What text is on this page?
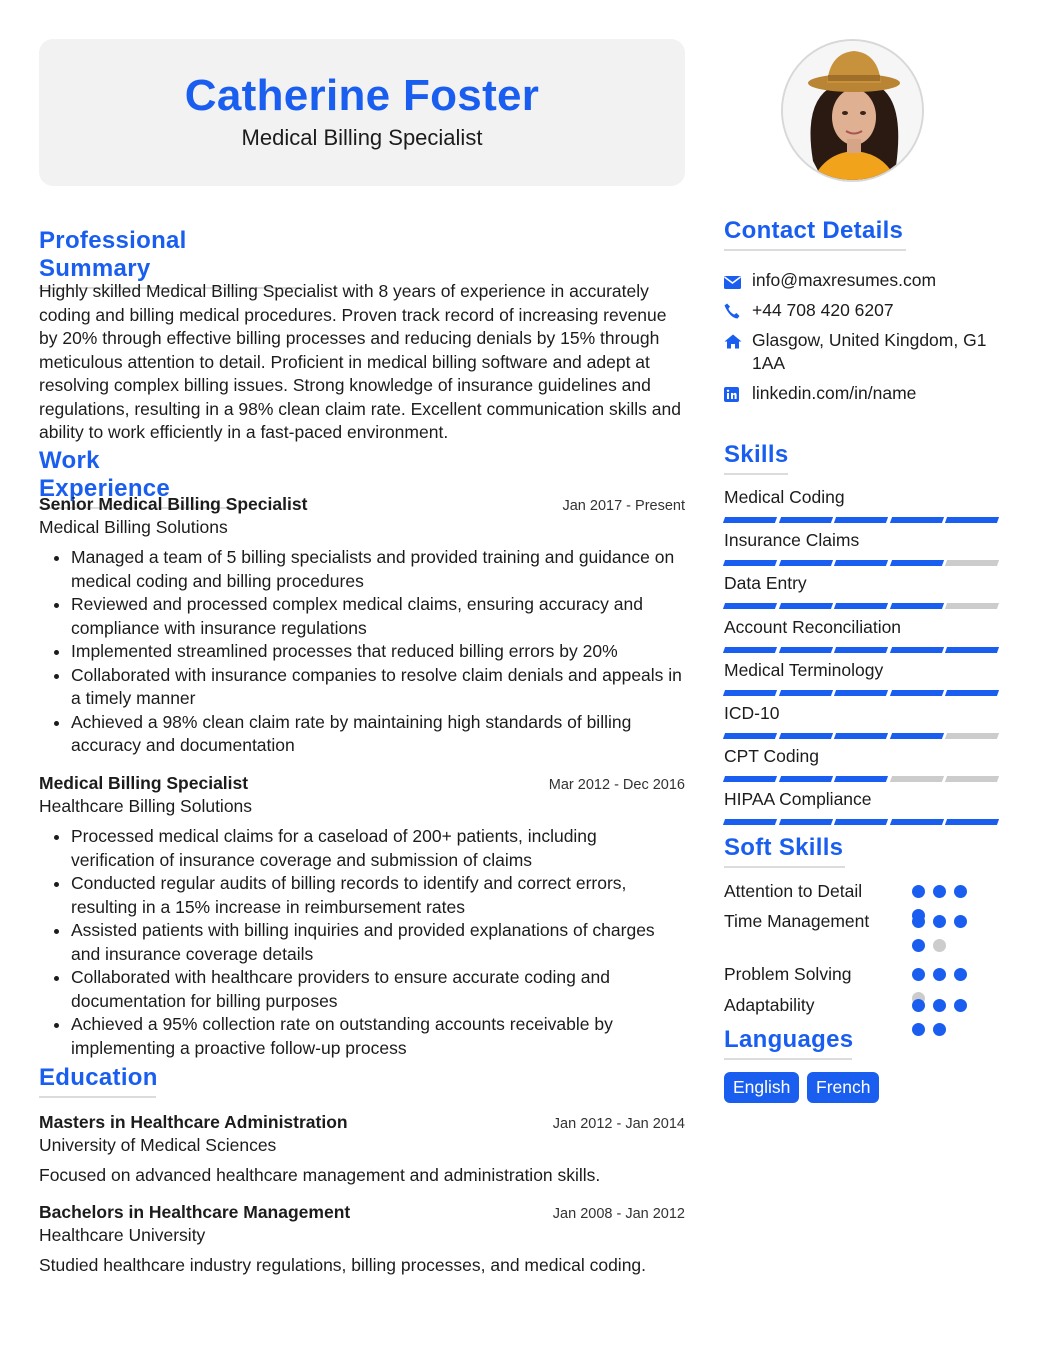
Catherine Foster
Medical Billing Specialist
Professional Summary
Highly skilled Medical Billing Specialist with 8 years of experience in accurately coding and billing medical procedures. Proven track record of increasing revenue by 20% through effective billing processes and reducing denials by 15% through meticulous attention to detail. Proficient in medical billing software and adept at resolving complex billing issues. Strong knowledge of insurance guidelines and regulations, resulting in a 98% clean claim rate. Excellent communication skills and ability to work efficiently in a fast-paced environment.
Work Experience
Senior Medical Billing Specialist	Jan 2017 - Present
Medical Billing Solutions
• Managed a team of 5 billing specialists and provided training and guidance on medical coding and billing procedures
• Reviewed and processed complex medical claims, ensuring accuracy and compliance with insurance regulations
• Implemented streamlined processes that reduced billing errors by 20%
• Collaborated with insurance companies to resolve claim denials and appeals in a timely manner
• Achieved a 98% clean claim rate by maintaining high standards of billing accuracy and documentation
Medical Billing Specialist	Mar 2012 - Dec 2016
Healthcare Billing Solutions
• Processed medical claims for a caseload of 200+ patients, including verification of insurance coverage and submission of claims
• Conducted regular audits of billing records to identify and correct errors, resulting in a 15% increase in reimbursement rates
• Assisted patients with billing inquiries and provided explanations of charges and insurance coverage details
• Collaborated with healthcare providers to ensure accurate coding and documentation for billing purposes
• Achieved a 95% collection rate on outstanding accounts receivable by implementing a proactive follow-up process
Education
Masters in Healthcare Administration	Jan 2012 - Jan 2014
University of Medical Sciences
Focused on advanced healthcare management and administration skills.
Bachelors in Healthcare Management	Jan 2008 - Jan 2012
Healthcare University
Studied healthcare industry regulations, billing processes, and medical coding.
Contact Details
info@maxresumes.com
+44 708 420 6207
Glasgow, United Kingdom, G1 1AA
linkedin.com/in/name
Skills
Medical Coding
Insurance Claims
Data Entry
Account Reconciliation
Medical Terminology
ICD-10
CPT Coding
HIPAA Compliance
Soft Skills
Attention to Detail
Time Management
Problem Solving
Adaptability
Languages
English	French
